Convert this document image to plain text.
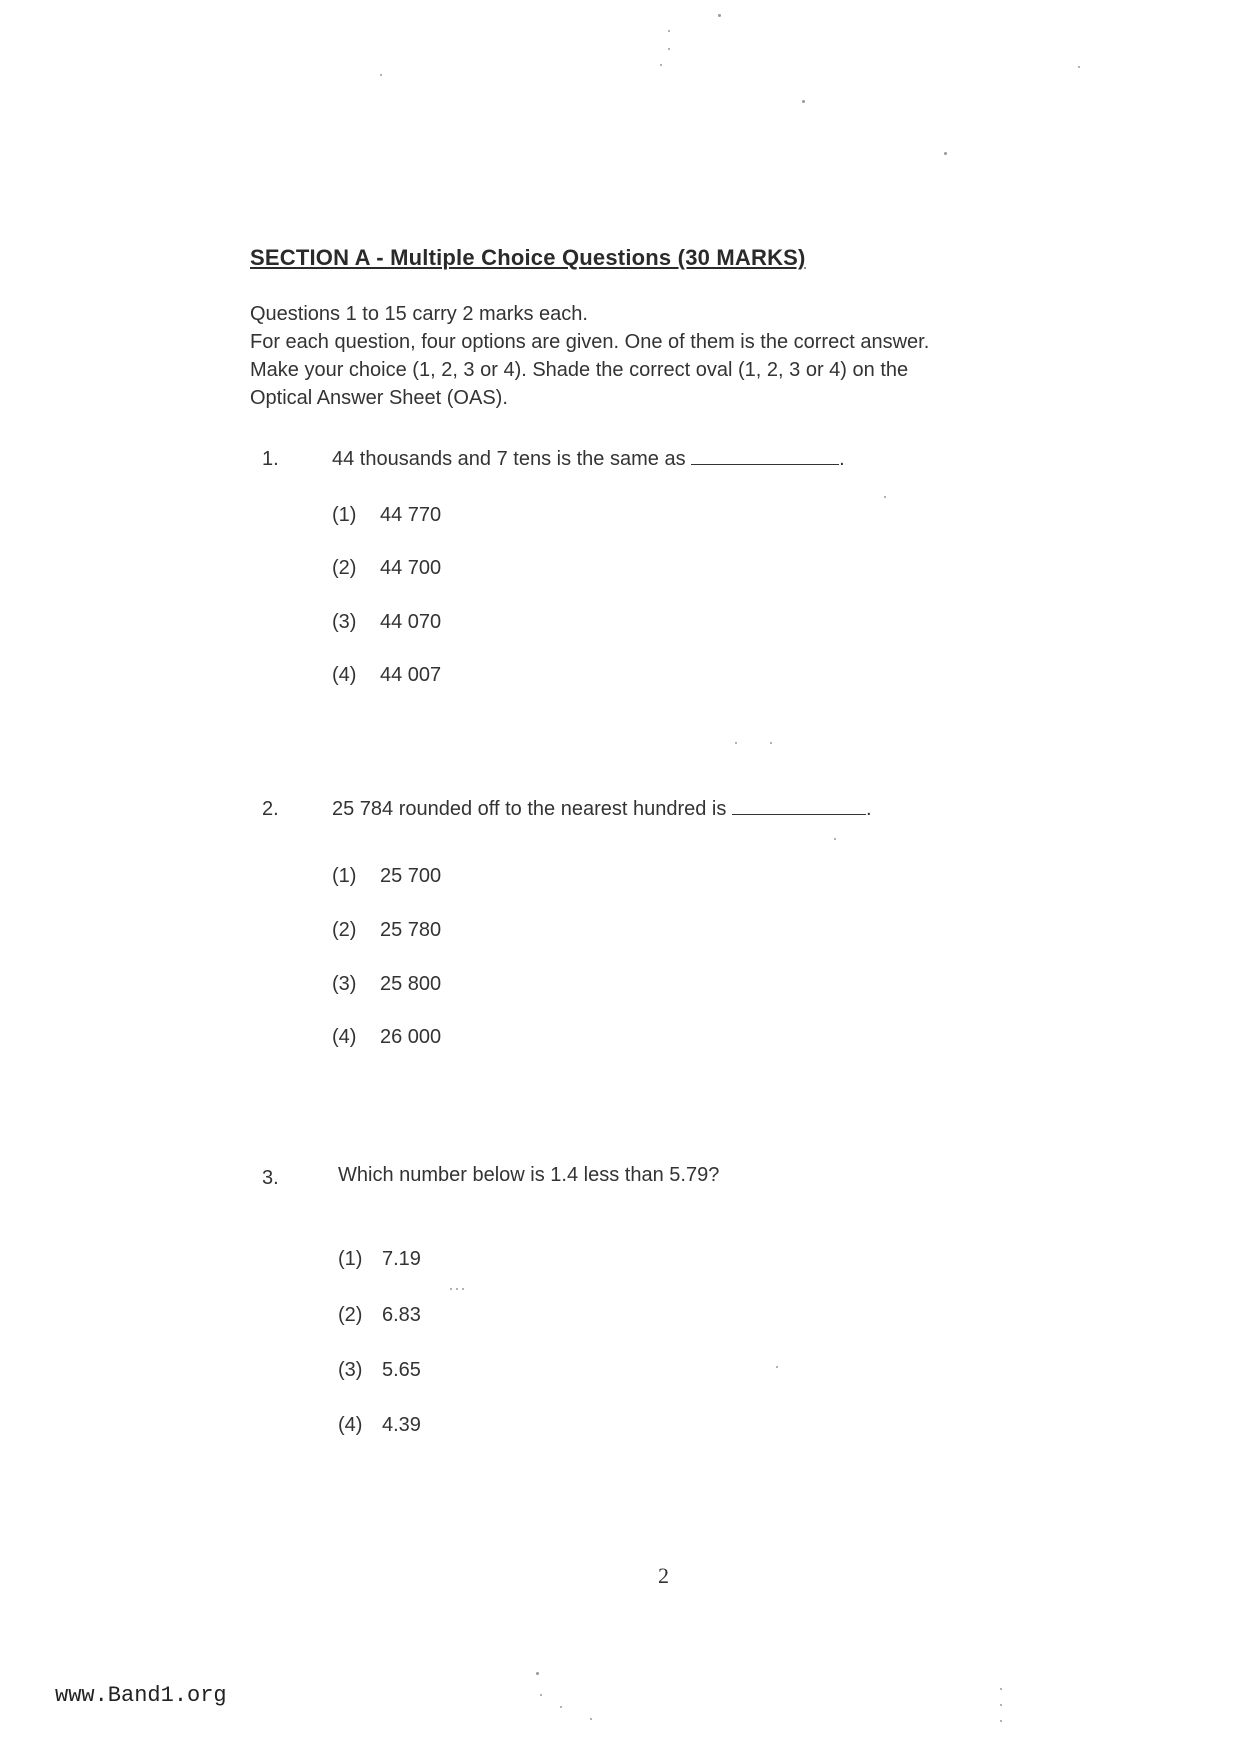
SECTION A - Multiple Choice Questions (30 MARKS)
Questions 1 to 15 carry 2 marks each.
For each question, four options are given. One of them is the correct answer.
Make your choice (1, 2, 3 or 4). Shade the correct oval (1, 2, 3 or 4) on the
Optical Answer Sheet (OAS).
1.	44 thousands and 7 tens is the same as	.
(1) 44 770
(2) 44 700
(3) 44 070
(4) 44 007
2.	25 784 rounded off to the nearest hundred is	.
(1) 25 700
(2) 25 780
(3) 25 800
(4) 26 000
3.	Which number below is 1.4 less than 5.79?
(1) 7.19
(2) 6.83
(3) 5.65
(4) 4.39
2
www.Band1.org
